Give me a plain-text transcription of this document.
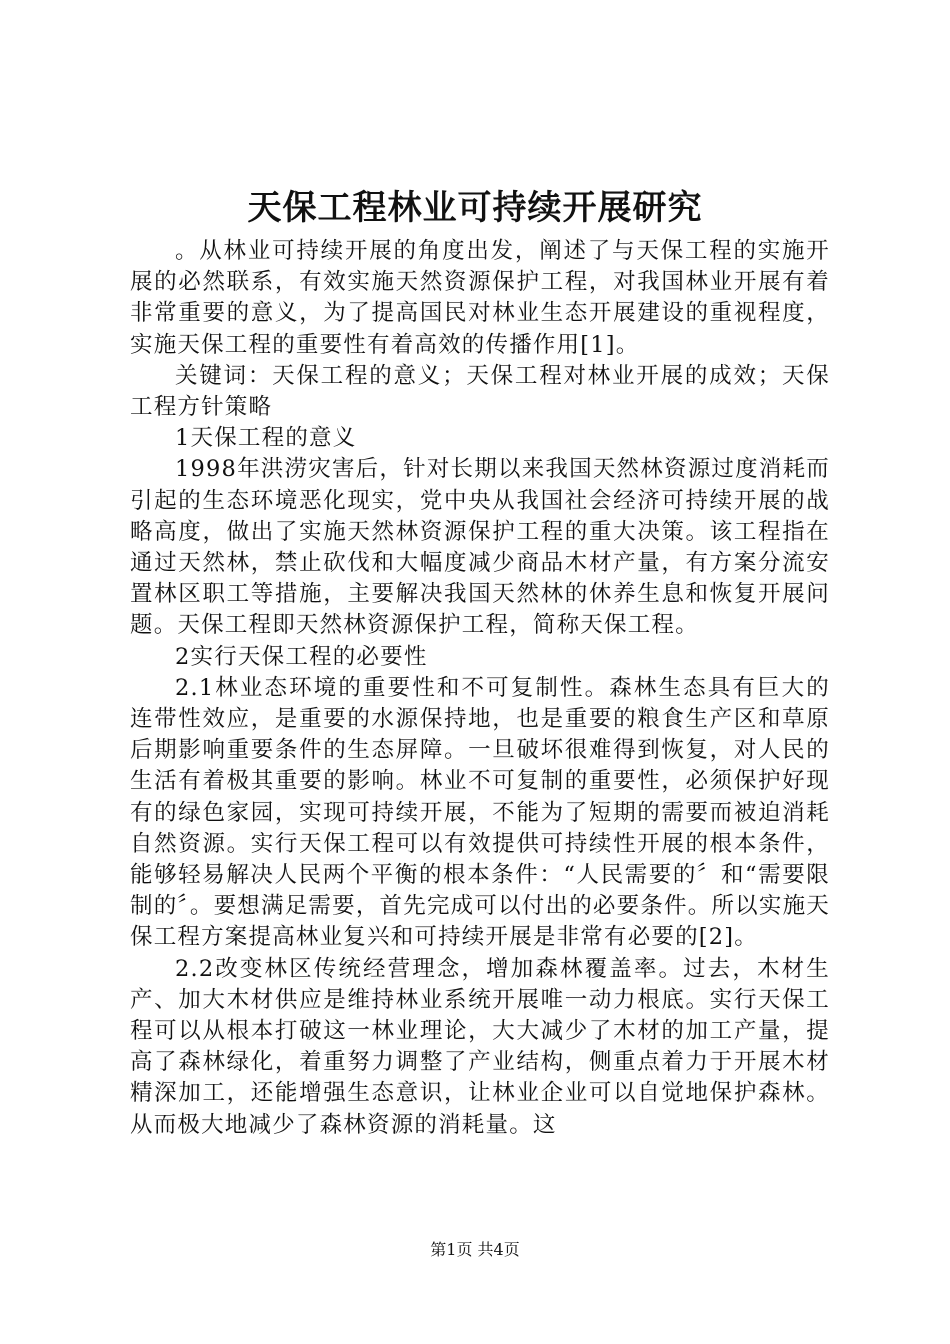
天保工程林业可持续开展研究

。从林业可持续开展的角度出发，阐述了与天保工程的实施开展的必然联系，有效实施天然资源保护工程，对我国林业开展有着非常重要的意义，为了提高国民对林业生态开展建设的重视程度，实施天保工程的重要性有着高效的传播作用[1]。

关键词：天保工程的意义；天保工程对林业开展的成效；天保工程方针策略

1天保工程的意义

1998年洪涝灾害后，针对长期以来我国天然林资源过度消耗而引起的生态环境恶化现实，党中央从我国社会经济可持续开展的战略高度，做出了实施天然林资源保护工程的重大决策。该工程指在通过天然林，禁止砍伐和大幅度减少商品木材产量，有方案分流安置林区职工等措施，主要解决我国天然林的休养生息和恢复开展问题。天保工程即天然林资源保护工程，简称天保工程。

2实行天保工程的必要性

2.1林业态环境的重要性和不可复制性。森林生态具有巨大的连带性效应，是重要的水源保持地，也是重要的粮食生产区和草原后期影响重要条件的生态屏障。一旦破坏很难得到恢复，对人民的生活有着极其重要的影响。林业不可复制的重要性，必须保护好现有的绿色家园，实现可持续开展，不能为了短期的需要而被迫消耗自然资源。实行天保工程可以有效提供可持续性开展的根本条件，能够轻易解决人民两个平衡的根本条件：“人民需要的〞和“需要限制的〞。要想满足需要，首先完成可以付出的必要条件。所以实施天保工程方案提高林业复兴和可持续开展是非常有必要的[2]。

2.2改变林区传统经营理念，增加森林覆盖率。过去，木材生产、加大木材供应是维持林业系统开展唯一动力根底。实行天保工程可以从根本打破这一林业理论，大大减少了木材的加工产量，提高了森林绿化，着重努力调整了产业结构，侧重点着力于开展木材精深加工，还能增强生态意识，让林业企业可以自觉地保护森林。从而极大地减少了森林资源的消耗量。这

第1页 共4页
